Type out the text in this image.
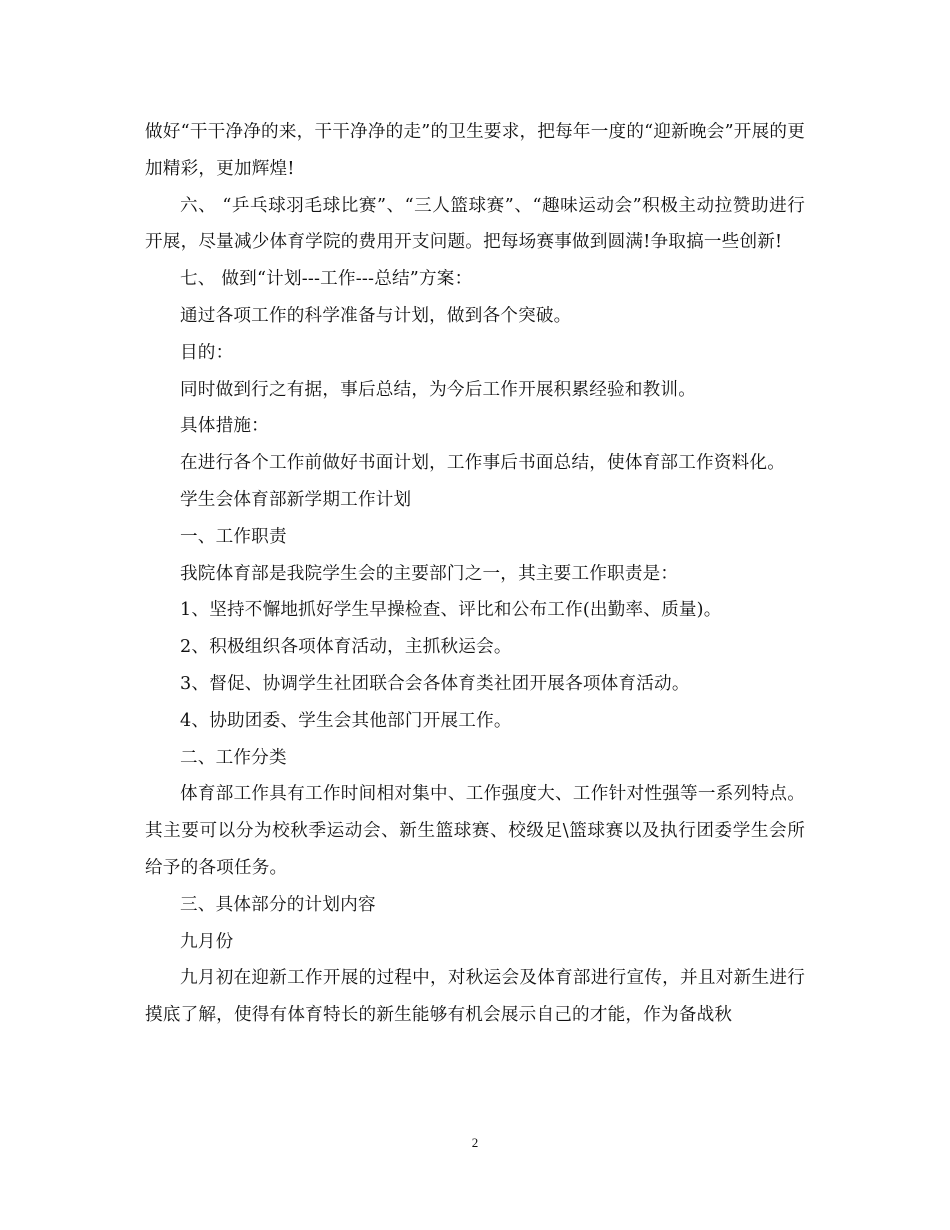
做好“干干净净的来，干干净净的走”的卫生要求，把每年一度的“迎新晚会”开展的更加精彩，更加辉煌!

六、 “乒乓球羽毛球比赛”、“三人篮球赛”、“趣味运动会”积极主动拉赞助进行开展，尽量减少体育学院的费用开支问题。把每场赛事做到圆满!争取搞一些创新!

七、 做到“计划---工作---总结”方案：

通过各项工作的科学准备与计划，做到各个突破。

目的：

同时做到行之有据，事后总结，为今后工作开展积累经验和教训。

具体措施：

在进行各个工作前做好书面计划，工作事后书面总结，使体育部工作资料化。

学生会体育部新学期工作计划

一、工作职责

我院体育部是我院学生会的主要部门之一，其主要工作职责是：

1、坚持不懈地抓好学生早操检查、评比和公布工作(出勤率、质量)。

2、积极组织各项体育活动，主抓秋运会。

3、督促、协调学生社团联合会各体育类社团开展各项体育活动。

4、协助团委、学生会其他部门开展工作。

二、工作分类

体育部工作具有工作时间相对集中、工作强度大、工作针对性强等一系列特点。其主要可以分为校秋季运动会、新生篮球赛、校级足\篮球赛以及执行团委学生会所给予的各项任务。

三、具体部分的计划内容

九月份

九月初在迎新工作开展的过程中，对秋运会及体育部进行宣传，并且对新生进行摸底了解，使得有体育特长的新生能够有机会展示自己的才能，作为备战秋

2
